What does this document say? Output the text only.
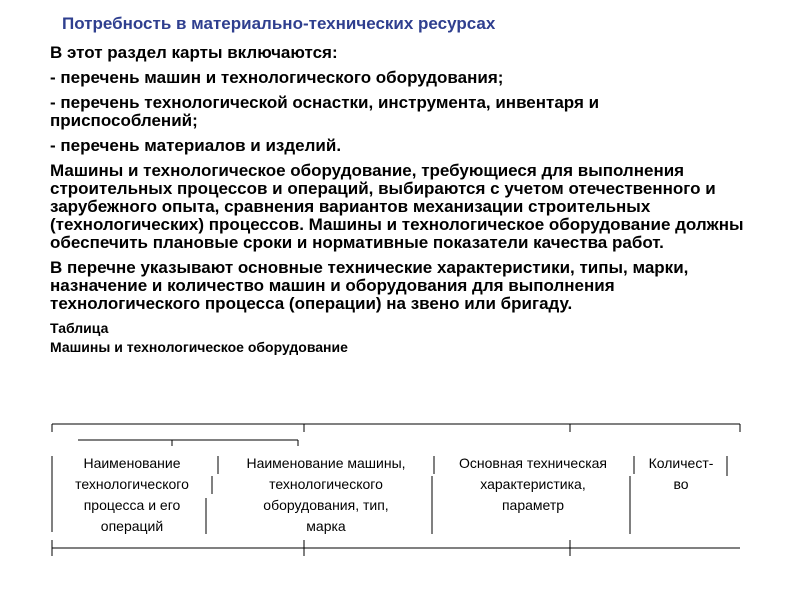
Потребность в материально-технических ресурсах

В этот раздел карты включаются:

- перечень машин и технологического оборудования;

- перечень технологической оснастки, инструмента, инвентаря и приспособлений;

- перечень материалов и изделий.

Машины и технологическое оборудование, требующиеся для выполнения строительных процессов и операций, выбираются с учетом отечественного и зарубежного опыта, сравнения вариантов механизации строительных (технологических) процессов. Машины и технологическое оборудование должны обеспечить плановые сроки и нормативные показатели качества работ.

В перечне указывают основные технические характеристики, типы, марки, назначение и количество машин и оборудования для выполнения технологического процесса (операции) на звено или бригаду.

Таблица

Машины и технологическое оборудование

Наименование
технологического
процесса и его
операций
Наименование машины,
технологического
оборудования, тип,
марка
Основная техническая
характеристика,
параметр
Количест-
во
